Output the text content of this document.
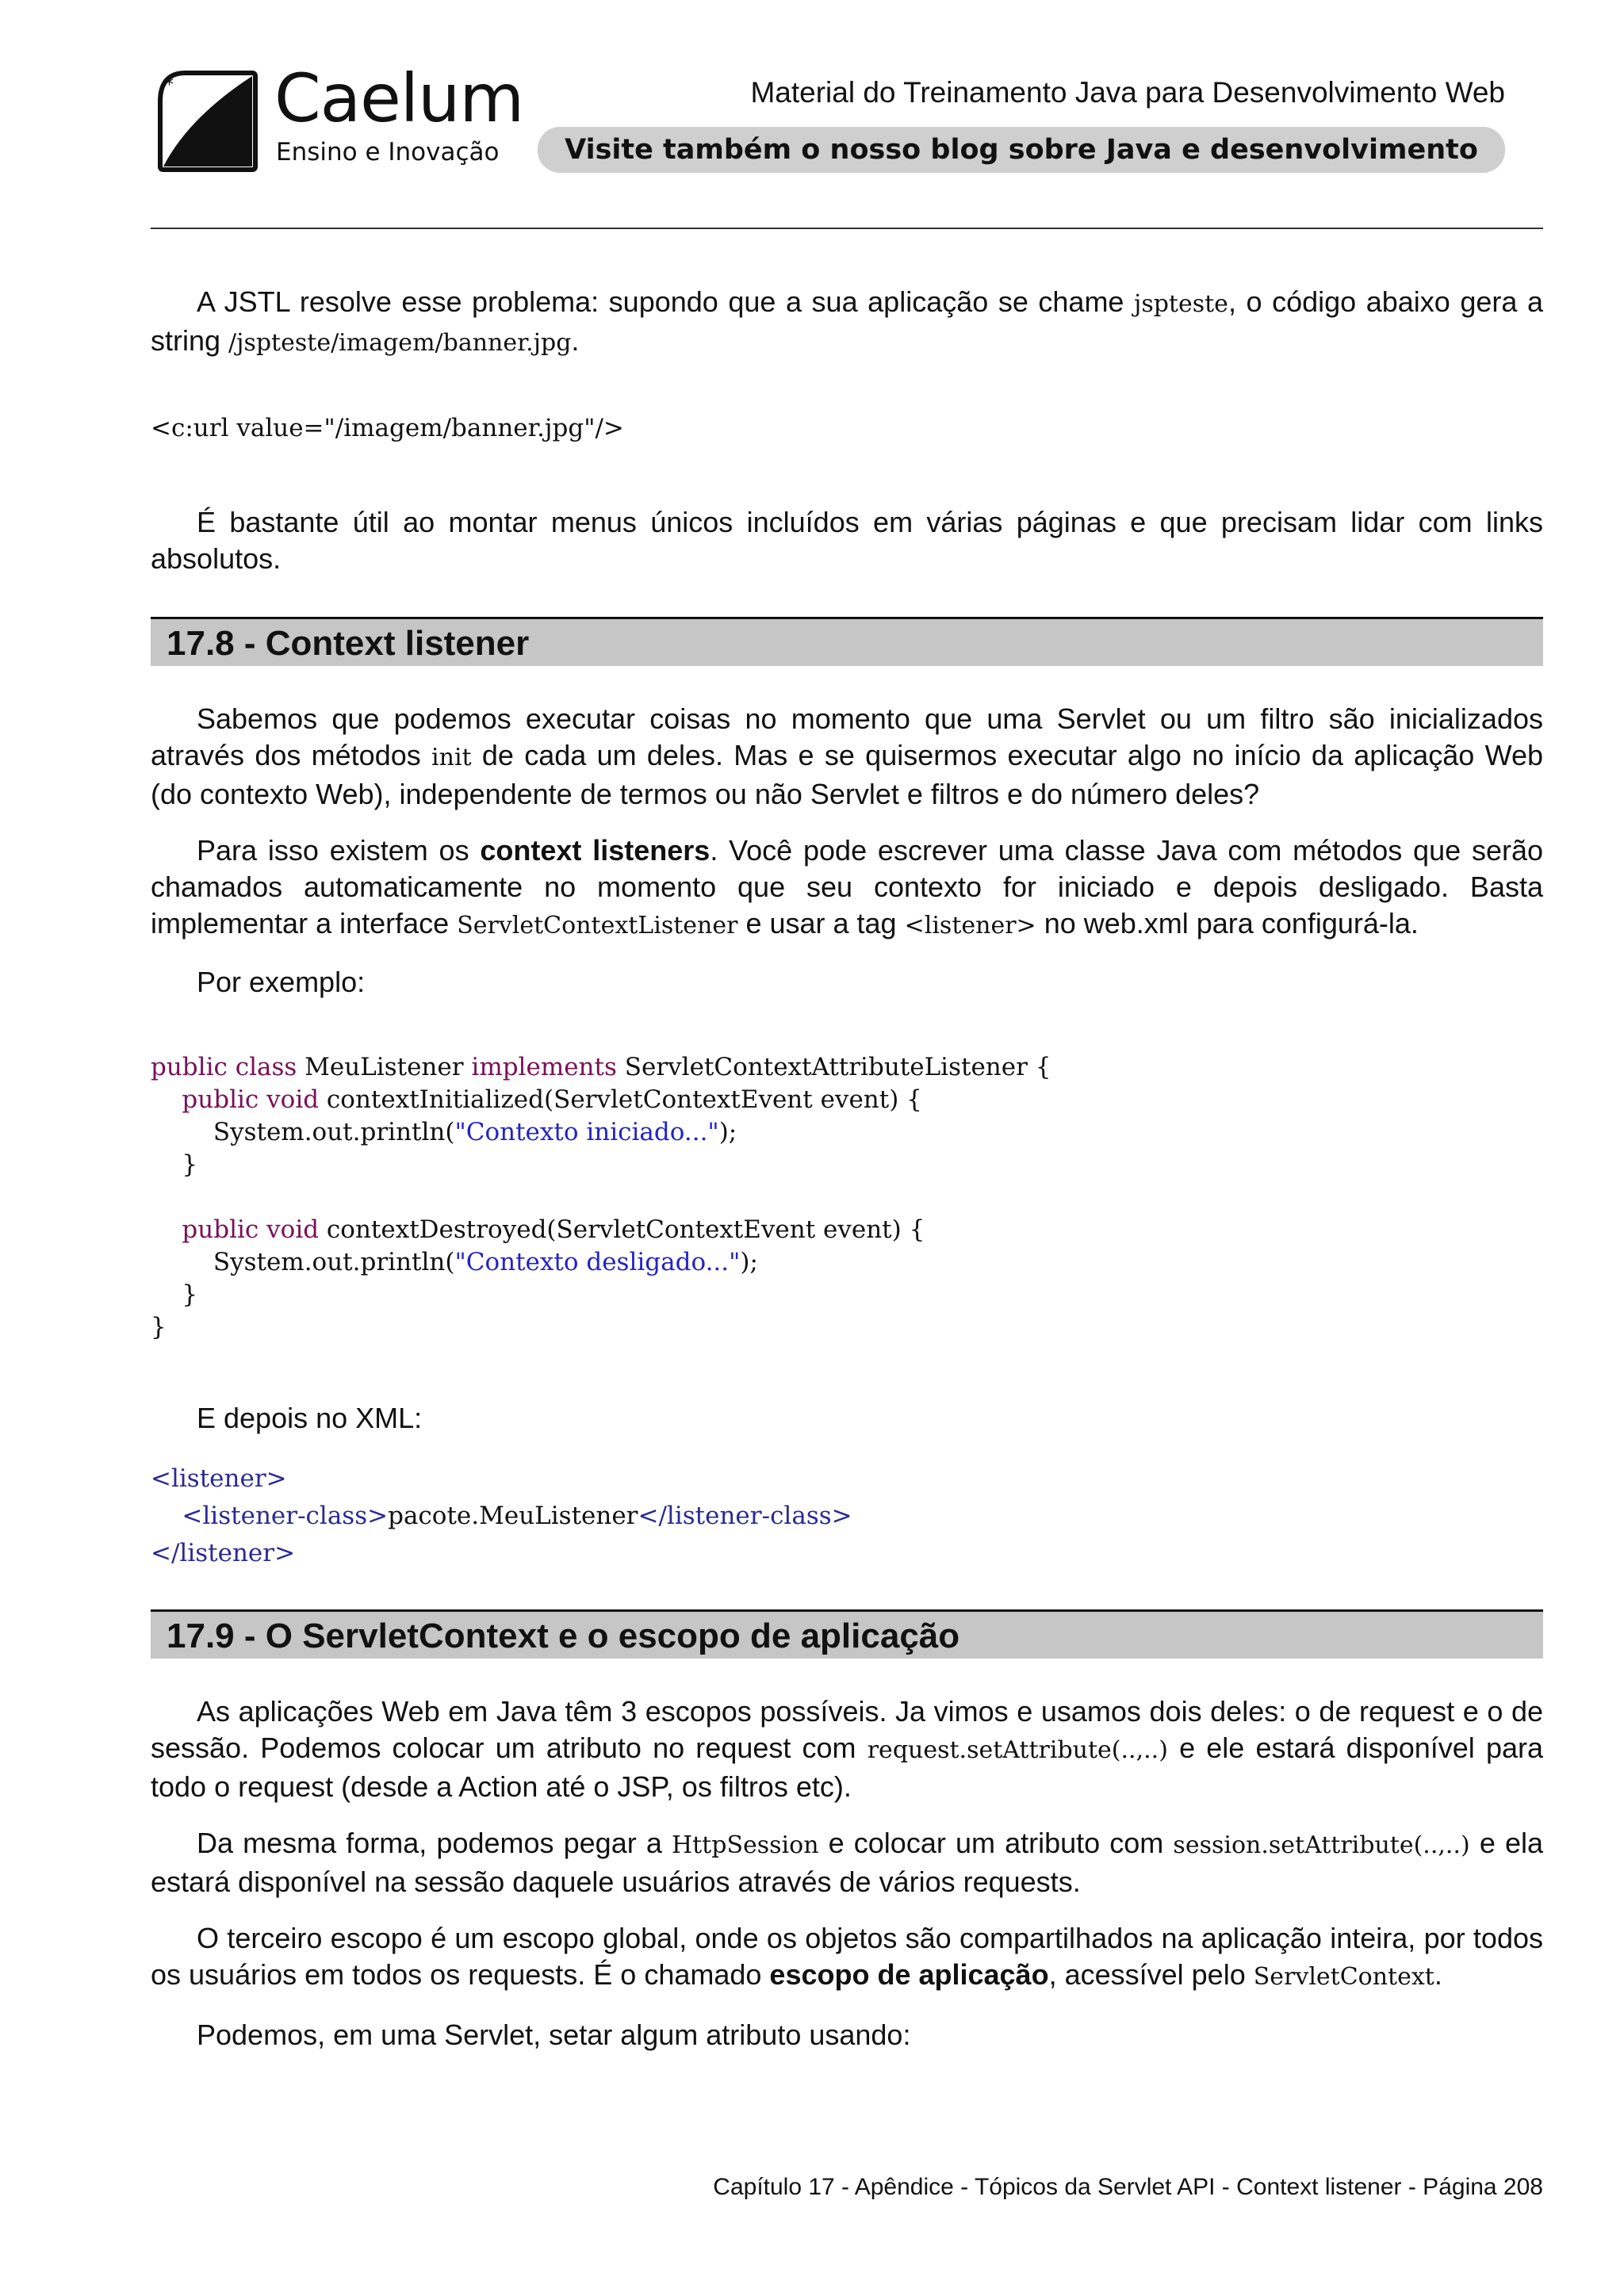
* Caelum
Ensino e Inovação
Material do Treinamento Java para Desenvolvimento Web
Visite também o nosso blog sobre Java e desenvolvimento
A JSTL resolve esse problema: supondo que a sua aplicação se chame jspteste, o código abaixo gera a string /jspteste/imagem/banner.jpg.
<c:url value="/imagem/banner.jpg"/>
É bastante útil ao montar menus únicos incluídos em várias páginas e que precisam lidar com links absolutos.
17.8 - Context listener
Sabemos que podemos executar coisas no momento que uma Servlet ou um filtro são inicializados através dos métodos init de cada um deles. Mas e se quisermos executar algo no início da aplicação Web (do contexto Web), independente de termos ou não Servlet e filtros e do número deles?
Para isso existem os context listeners. Você pode escrever uma classe Java com métodos que serão chamados automaticamente no momento que seu contexto for iniciado e depois desligado. Basta implementar a interface ServletContextListener e usar a tag <listener> no web.xml para configurá-la.
Por exemplo:
public class MeuListener implements ServletContextAttributeListener {
public void contextInitialized(ServletContextEvent event) {
System.out.println("Contexto iniciado...");
}

public void contextDestroyed(ServletContextEvent event) {
System.out.println("Contexto desligado...");
}
}
E depois no XML:
<listener>
<listener-class>pacote.MeuListener</listener-class>
</listener>
17.9 - O ServletContext e o escopo de aplicação
As aplicações Web em Java têm 3 escopos possíveis. Ja vimos e usamos dois deles: o de request e o de sessão. Podemos colocar um atributo no request com request.setAttribute(..,..) e ele estará disponível para todo o request (desde a Action até o JSP, os filtros etc).
Da mesma forma, podemos pegar a HttpSession e colocar um atributo com session.setAttribute(..,..) e ela estará disponível na sessão daquele usuários através de vários requests.
O terceiro escopo é um escopo global, onde os objetos são compartilhados na aplicação inteira, por todos os usuários em todos os requests. É o chamado escopo de aplicação, acessível pelo ServletContext.
Podemos, em uma Servlet, setar algum atributo usando:
Capítulo 17 - Apêndice - Tópicos da Servlet API - Context listener - Página 208
